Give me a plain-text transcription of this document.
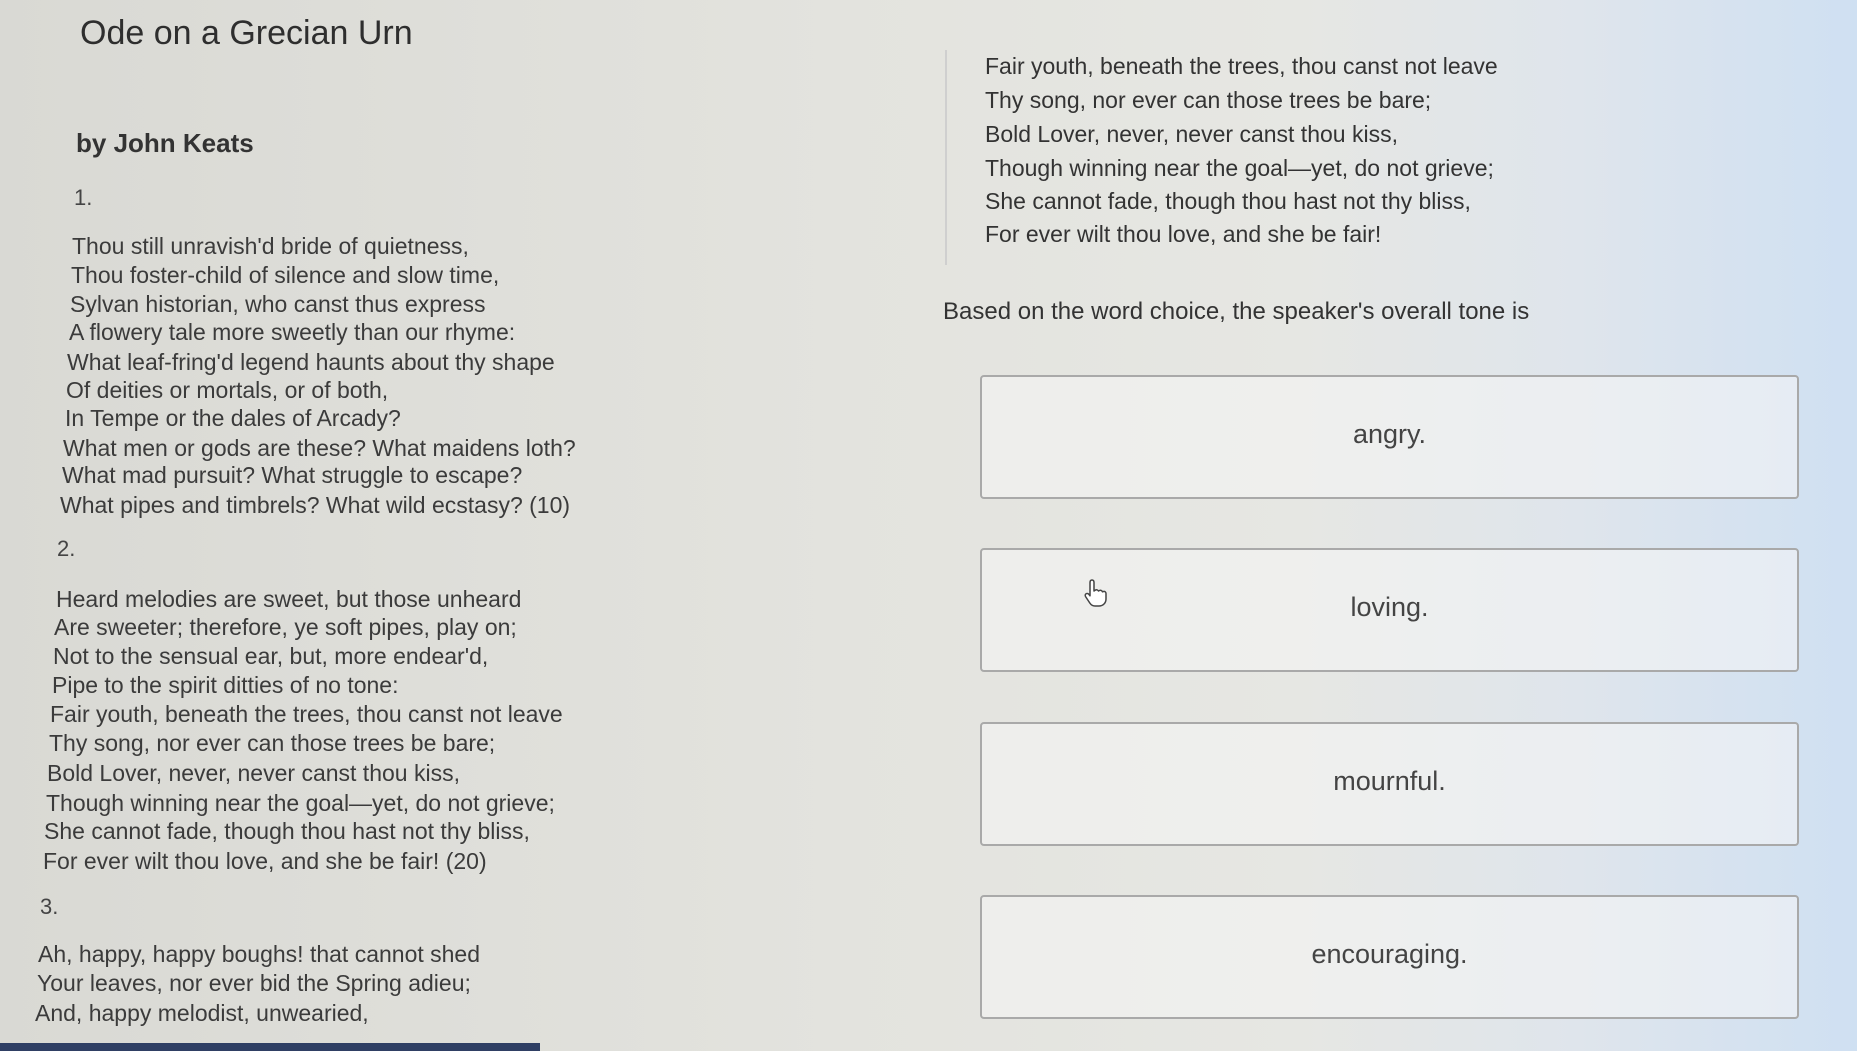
Ode on a Grecian Urn
by John Keats
1.
Thou still unravish'd bride of quietness,
Thou foster-child of silence and slow time,
Sylvan historian, who canst thus express
A flowery tale more sweetly than our rhyme:
What leaf-fring'd legend haunts about thy shape
Of deities or mortals, or of both,
In Tempe or the dales of Arcady?
What men or gods are these? What maidens loth?
What mad pursuit? What struggle to escape?
What pipes and timbrels? What wild ecstasy? (10)
2.
Heard melodies are sweet, but those unheard
Are sweeter; therefore, ye soft pipes, play on;
Not to the sensual ear, but, more endear'd,
Pipe to the spirit ditties of no tone:
Fair youth, beneath the trees, thou canst not leave
Thy song, nor ever can those trees be bare;
Bold Lover, never, never canst thou kiss,
Though winning near the goal—yet, do not grieve;
She cannot fade, though thou hast not thy bliss,
For ever wilt thou love, and she be fair! (20)
3.
Ah, happy, happy boughs! that cannot shed
Your leaves, nor ever bid the Spring adieu;
And, happy melodist, unwearied,
Fair youth, beneath the trees, thou canst not leave
Thy song, nor ever can those trees be bare;
Bold Lover, never, never canst thou kiss,
Though winning near the goal—yet, do not grieve;
She cannot fade, though thou hast not thy bliss,
For ever wilt thou love, and she be fair!
Based on the word choice, the speaker's overall tone is
angry.
loving.
mournful.
encouraging.
